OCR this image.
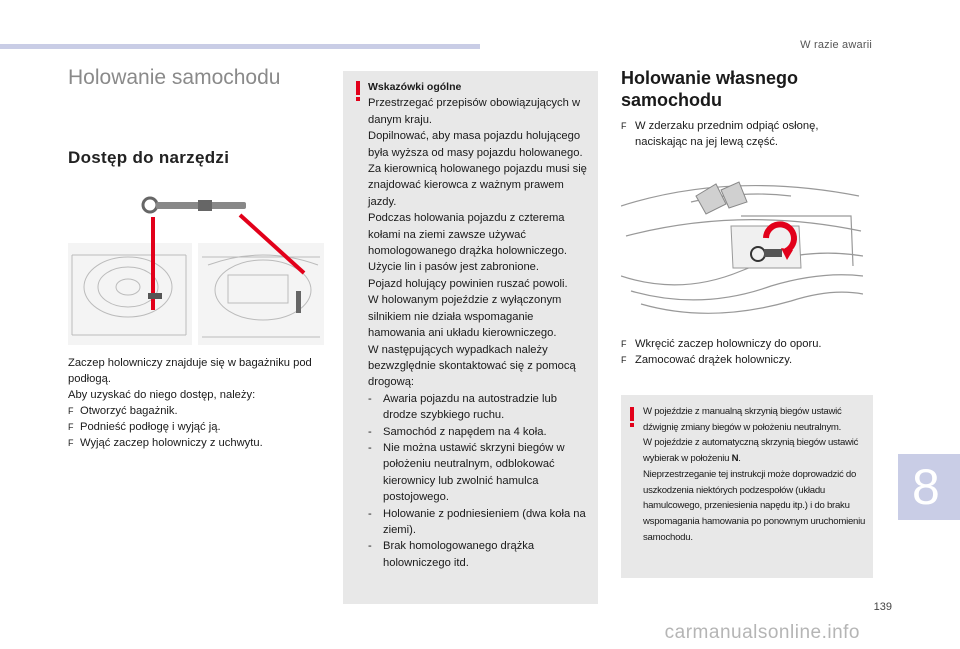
W razie awarii
Holowanie samochodu
Dostęp do narzędzi

Zaczep holowniczy znajduje się w bagażniku pod podłogą.

Aby uzyskać do niego dostęp, należy:

F Otworzyć bagażnik.
F Podnieść podłogę i wyjąć ją.
F Wyjąć zaczep holowniczy z uchwytu.

Wskazówki ogólne

Przestrzegać przepisów obowiązujących w danym kraju.

Dopilnować, aby masa pojazdu holującego była wyższa od masy pojazdu holowanego.

Za kierownicą holowanego pojazdu musi się znajdować kierowca z ważnym prawem jazdy.

Podczas holowania pojazdu z czterema kołami na ziemi zawsze używać homologowanego drążka holowniczego. Użycie lin i pasów jest zabronione.

Pojazd holujący powinien ruszać powoli.

W holowanym pojeździe z wyłączonym silnikiem nie działa wspomaganie hamowania ani układu kierowniczego.

W następujących wypadkach należy bezwzględnie skontaktować się z pomocą drogową:

-	Awaria pojazdu na autostradzie lub drodze szybkiego ruchu.
-	Samochód z napędem na 4 koła.
-	Nie można ustawić skrzyni biegów w położeniu neutralnym, odblokować kierownicy lub zwolnić hamulca postojowego.
-	Holowanie z podniesieniem (dwa koła na ziemi).
-	Brak homologowanego drążka holowniczego itd.
Holowanie własnego
samochodu
F W zderzaku przednim odpiąć osłonę, naciskając na jej lewą część.
F Wkręcić zaczep holowniczy do oporu.
F Zamocować drążek holowniczy.
W pojeździe z manualną skrzynią biegów ustawić dźwignię zmiany biegów w położeniu neutralnym.
W pojeździe z automatyczną skrzynią biegów ustawić wybierak w położeniu N.
Nieprzestrzeganie tej instrukcji może doprowadzić do uszkodzenia niektórych podzespołów (układu hamulcowego, przeniesienia napędu itp.) i do braku wspomagania hamowania po ponownym uruchomieniu samochodu.
8
139
carmanualsonline.info
